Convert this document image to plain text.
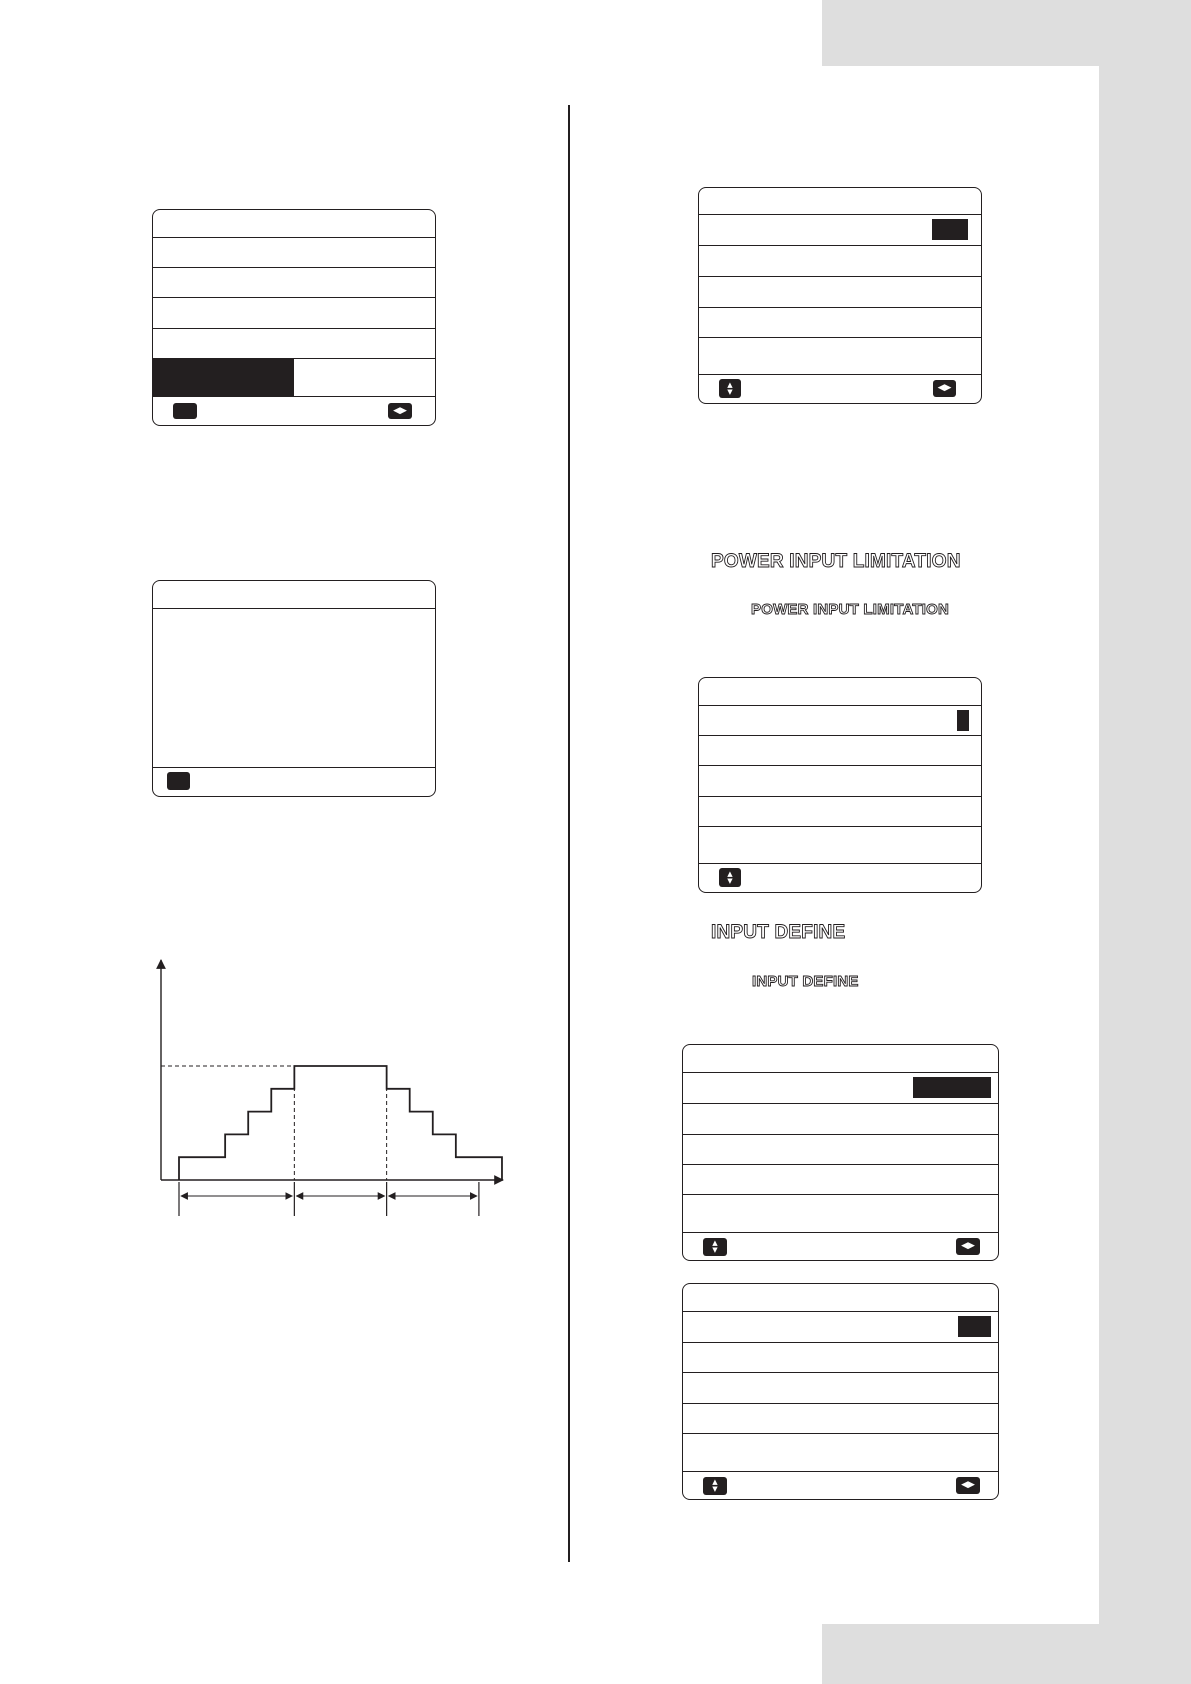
◀▶
▲
▼	◀▶
POWER INPUT LIMITATION
POWER INPUT LIMITATION
▲
▼
INPUT DEFINE
INPUT DEFINE
▲
▼	◀▶
▲
▼	◀▶
